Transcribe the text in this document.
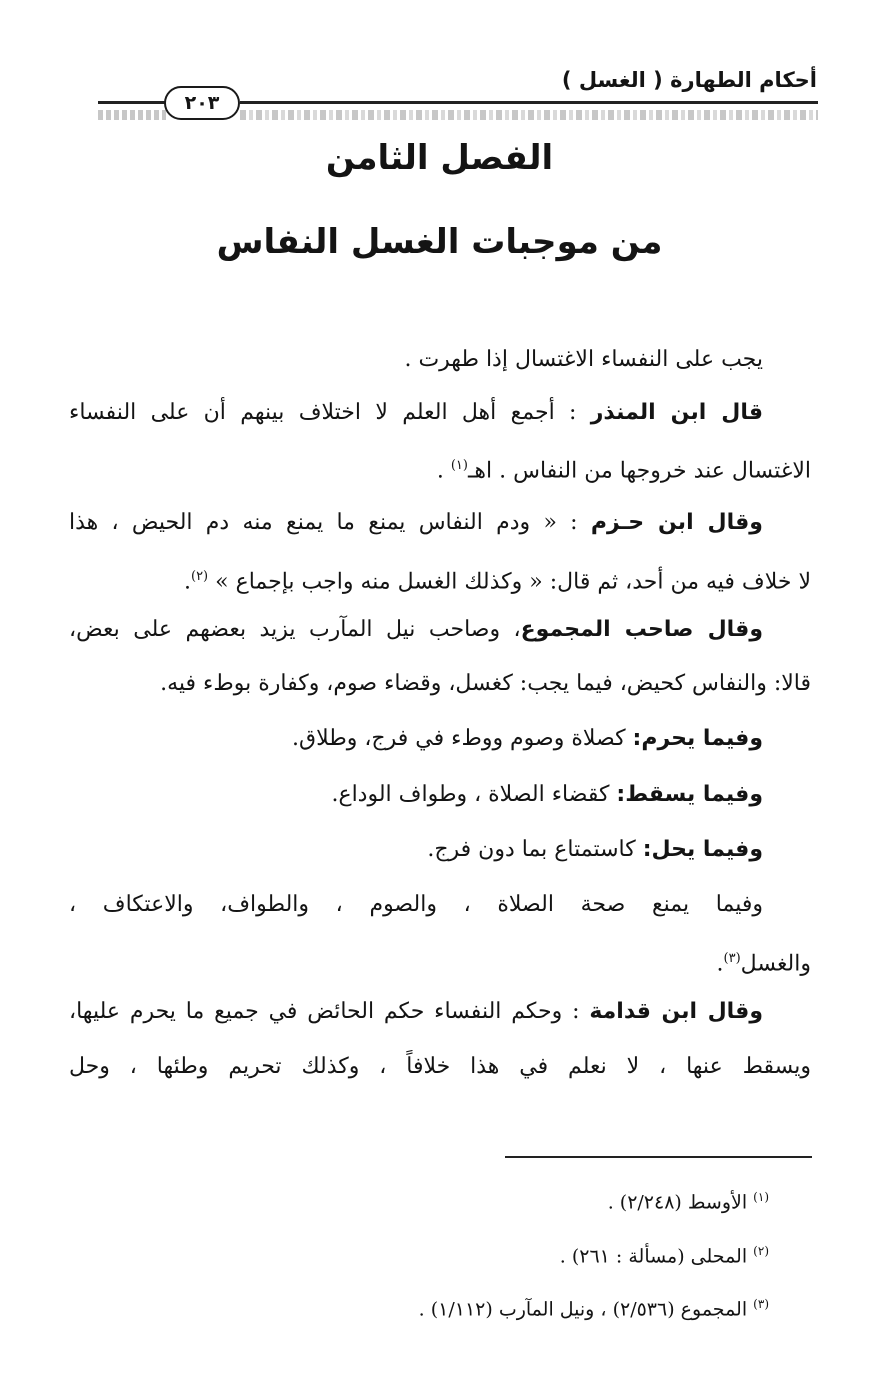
أحكام الطهارة ( الغسل )
٢٠٣
الفصل الثامن
من موجبات الغسل النفاس
يجب على النفساء الاغتسال إذا طهرت .
قال ابن المنذر : أجمع أهل العلم لا اختلاف بينهم أن على النفساء
الاغتسال عند خروجها من النفاس . اهـ$^{(١)}$ .
وقال ابن حـزم : « ودم النفاس يمنع ما يمنع منه دم الحيض ، هذا
لا خلاف فيه من أحد، ثم قال: « وكذلك الغسل منه واجب بإجماع » $^{(٢)}$.
وقال صاحب المجموع، وصاحب نيل المآرب يزيد بعضهم على بعض،
قالا: والنفاس كحيض، فيما يجب: كغسل، وقضاء صوم، وكفارة بوطء فيه.
وفيما يحرم: كصلاة وصوم ووطء في فرج، وطلاق.
وفيما يسقط: كقضاء الصلاة ، وطواف الوداع.
وفيما يحل: كاستمتاع بما دون فرج.
وفيما يمنع صحة الصلاة ، والصوم ، والطواف، والاعتكاف ،
والغسل$^{(٣)}$.
وقال ابن قدامة : وحكم النفساء حكم الحائض في جميع ما يحرم عليها،
ويسقط عنها ، لا نعلم في هذا خلافاً ، وكذلك تحريم وطئها ، وحل
$^{(١)}$ الأوسط (٢/٢٤٨) .
$^{(٢)}$ المحلى (مسألة : ٢٦١) .
$^{(٣)}$ المجموع (٢/٥٣٦) ، ونيل المآرب (١/١١٢) .
